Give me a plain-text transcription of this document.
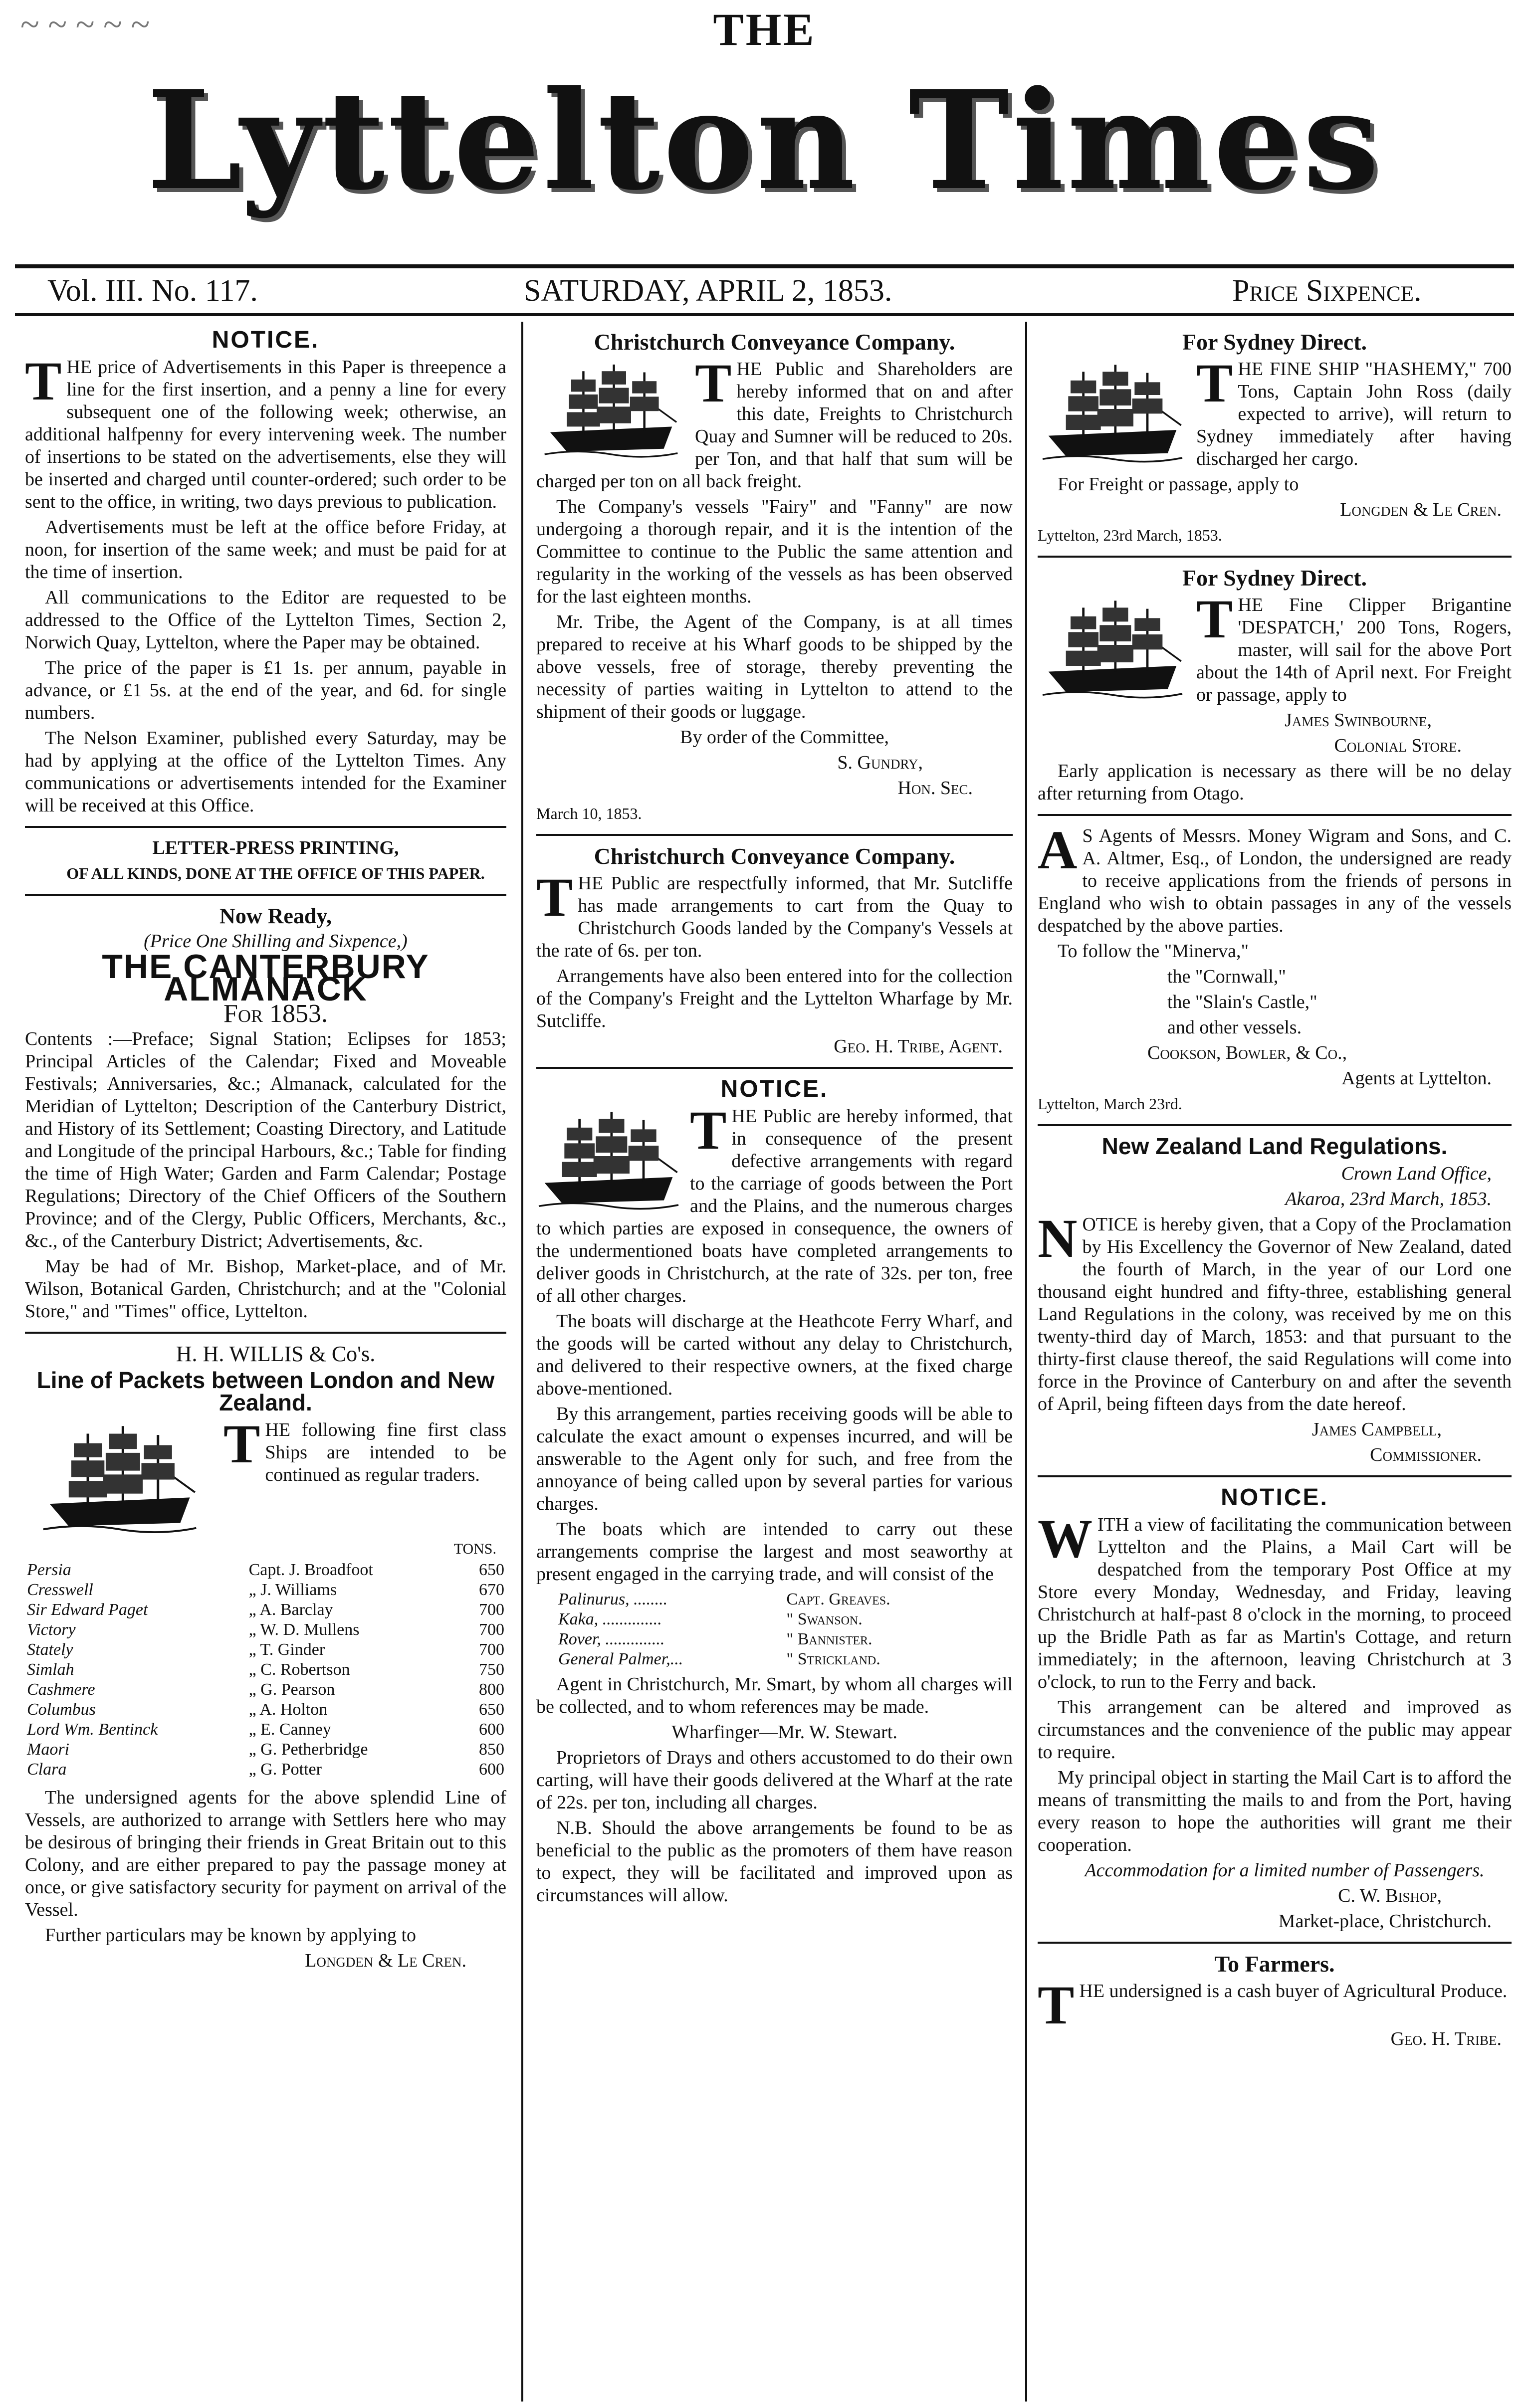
~ ~ ~ ~ ~	THE
Lyttelton Times
Vol. III. No. 117.	SATURDAY, APRIL 2, 1853.	Price Sixpence.
NOTICE.

THE price of Advertisements in this Paper is threepence a line for the first insertion, and a penny a line for every subsequent one of the following week; otherwise, an additional halfpenny for every intervening week. The number of insertions to be stated on the advertisements, else they will be inserted and charged until counter-ordered; such order to be sent to the office, in writing, two days previous to publication.

Advertisements must be left at the office before Friday, at noon, for insertion of the same week; and must be paid for at the time of insertion.

All communications to the Editor are requested to be addressed to the Office of the Lyttelton Times, Section 2, Norwich Quay, Lyttelton, where the Paper may be obtained.

The price of the paper is £1 1s. per annum, payable in advance, or £1 5s. at the end of the year, and 6d. for single numbers.

The Nelson Examiner, published every Saturday, may be had by applying at the office of the Lyttelton Times. Any communications or advertisements intended for the Examiner will be received at this Office.

LETTER-PRESS PRINTING,

OF ALL KINDS, DONE AT THE OFFICE OF THIS PAPER.

Now Ready,

(Price One Shilling and Sixpence,)

THE CANTERBURY ALMANACK

For 1853.

Contents :—Preface; Signal Station; Eclipses for 1853; Principal Articles of the Calendar; Fixed and Moveable Festivals; Anniversaries, &c.; Almanack, calculated for the Meridian of Lyttelton; Description of the Canterbury District, and History of its Settlement; Coasting Directory, and Latitude and Longitude of the principal Harbours, &c.; Table for finding the time of High Water; Garden and Farm Calendar; Postage Regulations; Directory of the Chief Officers of the Southern Province; and of the Clergy, Public Officers, Merchants, &c., &c., of the Canterbury District; Advertisements, &c.

May be had of Mr. Bishop, Market-place, and of Mr. Wilson, Botanical Garden, Christchurch; and at the "Colonial Store," and "Times" office, Lyttelton.

H. H. WILLIS & Co's.

Line of Packets between London and New Zealand.

THE following fine first class Ships are intended to be continued as regular traders.

TONS.
Persia	Capt. J. Broadfoot	650
Cresswell	„ J. Williams	670
Sir Edward Paget	„ A. Barclay	700
Victory	„ W. D. Mullens	700
Stately	„ T. Ginder	700
Simlah	„ C. Robertson	750
Cashmere	„ G. Pearson	800
Columbus	„ A. Holton	650
Lord Wm. Bentinck	„ E. Canney	600
Maori	„ G. Petherbridge	850
Clara	„ G. Potter	600

The undersigned agents for the above splendid Line of Vessels, are authorized to arrange with Settlers here who may be desirous of bringing their friends in Great Britain out to this Colony, and are either prepared to pay the passage money at once, or give satisfactory security for payment on arrival of the Vessel.

Further particulars may be known by applying to

Longden & Le Cren.

Christchurch Conveyance Company.

THE Public and Shareholders are hereby informed that on and after this date, Freights to Christchurch Quay and Sumner will be reduced to 20s. per Ton, and that half that sum will be charged per ton on all back freight.

The Company's vessels "Fairy" and "Fanny" are now undergoing a thorough repair, and it is the intention of the Committee to continue to the Public the same attention and regularity in the working of the vessels as has been observed for the last eighteen months.

Mr. Tribe, the Agent of the Company, is at all times prepared to receive at his Wharf goods to be shipped by the above vessels, free of storage, thereby preventing the necessity of parties waiting in Lyttelton to attend to the shipment of their goods or luggage.

By order of the Committee,

S. Gundry,

Hon. Sec.

March 10, 1853.

Christchurch Conveyance Company.

THE Public are respectfully informed, that Mr. Sutcliffe has made arrangements to cart from the Quay to Christchurch Goods landed by the Company's Vessels at the rate of 6s. per ton.

Arrangements have also been entered into for the collection of the Company's Freight and the Lyttelton Wharfage by Mr. Sutcliffe.

Geo. H. Tribe, Agent.

NOTICE.

THE Public are hereby informed, that in consequence of the present defective arrangements with regard to the carriage of goods between the Port and the Plains, and the numerous charges to which parties are exposed in consequence, the owners of the undermentioned boats have completed arrangements to deliver goods in Christchurch, at the rate of 32s. per ton, free of all other charges.

The boats will discharge at the Heathcote Ferry Wharf, and the goods will be carted without any delay to Christchurch, and delivered to their respective owners, at the fixed charge above-mentioned.

By this arrangement, parties receiving goods will be able to calculate the exact amount o expenses incurred, and will be answerable to the Agent only for such, and free from the annoyance of being called upon by several parties for various charges.

The boats which are intended to carry out these arrangements comprise the largest and most seaworthy at present engaged in the carrying trade, and will consist of the

Palinurus, ........	Capt. Greaves.
Kaka, ..............	" Swanson.
Rover, ..............	" Bannister.
General Palmer,...	" Strickland.

Agent in Christchurch, Mr. Smart, by whom all charges will be collected, and to whom references may be made.

Wharfinger—Mr. W. Stewart.

Proprietors of Drays and others accustomed to do their own carting, will have their goods delivered at the Wharf at the rate of 22s. per ton, including all charges.

N.B. Should the above arrangements be found to be as beneficial to the public as the promoters of them have reason to expect, they will be facilitated and improved upon as circumstances will allow.

For Sydney Direct.

THE FINE SHIP "HASHEMY," 700 Tons, Captain John Ross (daily expected to arrive), will return to Sydney immediately after having discharged her cargo.

For Freight or passage, apply to

Longden & Le Cren.

Lyttelton, 23rd March, 1853.

For Sydney Direct.

THE Fine Clipper Brigantine 'DESPATCH,' 200 Tons, Rogers, master, will sail for the above Port about the 14th of April next. For Freight or passage, apply to

James Swinbourne,

Colonial Store.

Early application is necessary as there will be no delay after returning from Otago.

A S Agents of Messrs. Money Wigram and Sons, and C. A. Altmer, Esq., of London, the undersigned are ready to receive applications from the friends of persons in England who wish to obtain passages in any of the vessels despatched by the above parties.

To follow the "Minerva,"

the "Cornwall,"

the "Slain's Castle,"

and other vessels.

Cookson, Bowler, & Co.,

Agents at Lyttelton.

Lyttelton, March 23rd.

New Zealand Land Regulations.

Crown Land Office,

Akaroa, 23rd March, 1853.

NOTICE is hereby given, that a Copy of the Proclamation by His Excellency the Governor of New Zealand, dated the fourth of March, in the year of our Lord one thousand eight hundred and fifty-three, establishing general Land Regulations in the colony, was received by me on this twenty-third day of March, 1853: and that pursuant to the thirty-first clause thereof, the said Regulations will come into force in the Province of Canterbury on and after the seventh of April, being fifteen days from the date hereof.

James Campbell,

Commissioner.

NOTICE.

WITH a view of facilitating the communication between Lyttelton and the Plains, a Mail Cart will be despatched from the temporary Post Office at my Store every Monday, Wednesday, and Friday, leaving Christchurch at half-past 8 o'clock in the morning, to proceed up the Bridle Path as far as Martin's Cottage, and return immediately; in the afternoon, leaving Christchurch at 3 o'clock, to run to the Ferry and back.

This arrangement can be altered and improved as circumstances and the convenience of the public may appear to require.

My principal object in starting the Mail Cart is to afford the means of transmitting the mails to and from the Port, having every reason to hope the authorities will grant me their cooperation.

Accommodation for a limited number of Passengers.

C. W. Bishop,

Market-place, Christchurch.

To Farmers.

THE undersigned is a cash buyer of Agricultural Produce.

Geo. H. Tribe.
